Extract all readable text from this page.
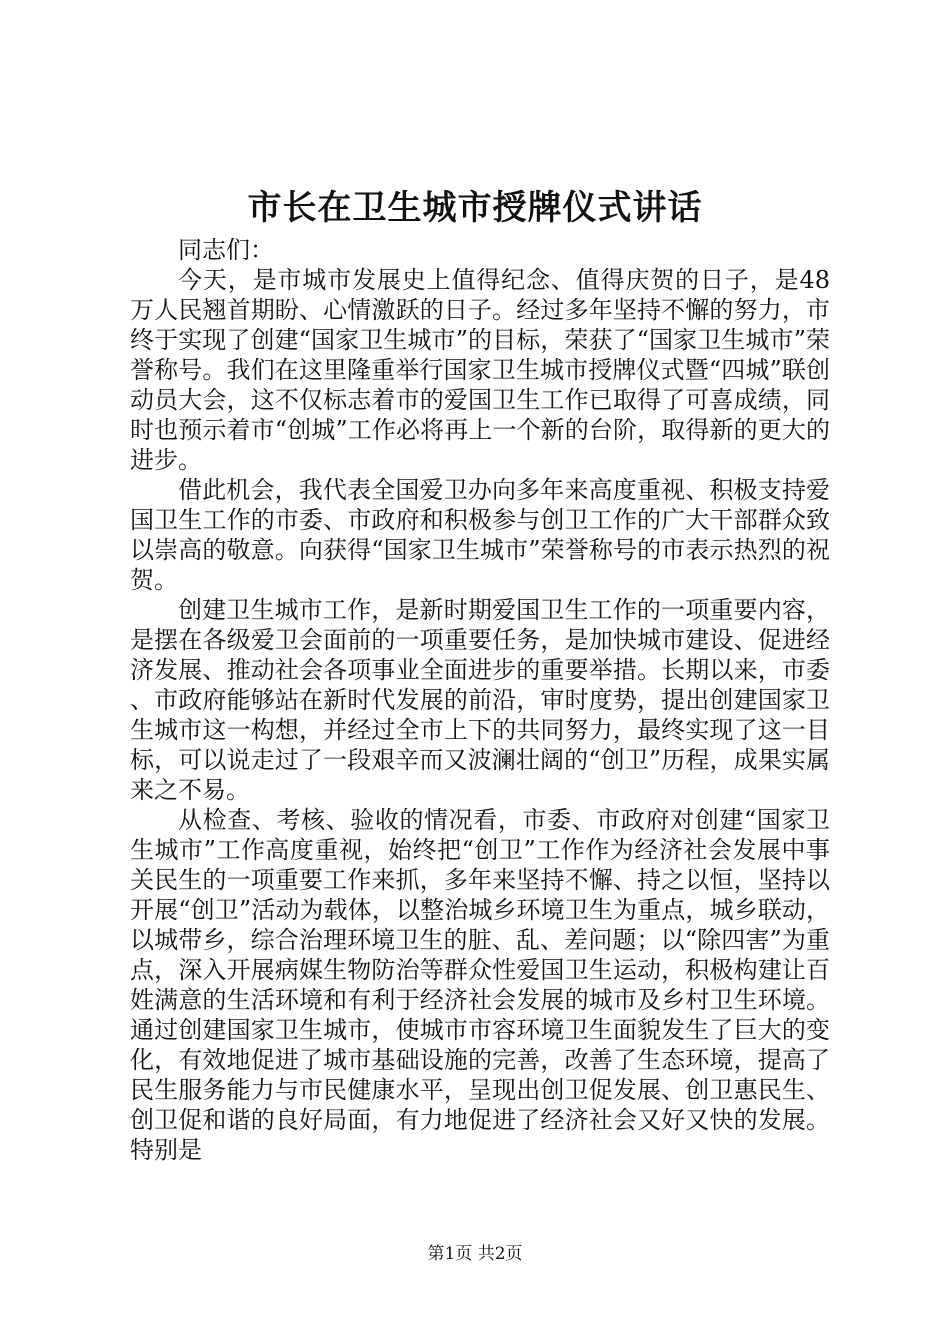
市长在卫生城市授牌仪式讲话

同志们：

今天，是市城市发展史上值得纪念、值得庆贺的日子，是48万人民翘首期盼、心情激跃的日子。经过多年坚持不懈的努力，市终于实现了创建“国家卫生城市”的目标，荣获了“国家卫生城市”荣誉称号。我们在这里隆重举行国家卫生城市授牌仪式暨“四城”联创动员大会，这不仅标志着市的爱国卫生工作已取得了可喜成绩，同时也预示着市“创城”工作必将再上一个新的台阶，取得新的更大的进步。

借此机会，我代表全国爱卫办向多年来高度重视、积极支持爱国卫生工作的市委、市政府和积极参与创卫工作的广大干部群众致以崇高的敬意。向获得“国家卫生城市”荣誉称号的市表示热烈的祝贺。

创建卫生城市工作，是新时期爱国卫生工作的一项重要内容，是摆在各级爱卫会面前的一项重要任务，是加快城市建设、促进经济发展、推动社会各项事业全面进步的重要举措。长期以来，市委、市政府能够站在新时代发展的前沿，审时度势，提出创建国家卫生城市这一构想，并经过全市上下的共同努力，最终实现了这一目标，可以说走过了一段艰辛而又波澜壮阔的“创卫”历程，成果实属来之不易。

从检查、考核、验收的情况看，市委、市政府对创建“国家卫生城市”工作高度重视，始终把“创卫”工作作为经济社会发展中事关民生的一项重要工作来抓，多年来坚持不懈、持之以恒，坚持以开展“创卫”活动为载体，以整治城乡环境卫生为重点，城乡联动，以城带乡，综合治理环境卫生的脏、乱、差问题；以“除四害”为重点，深入开展病媒生物防治等群众性爱国卫生运动，积极构建让百姓满意的生活环境和有利于经济社会发展的城市及乡村卫生环境。通过创建国家卫生城市，使城市市容环境卫生面貌发生了巨大的变化，有效地促进了城市基础设施的完善，改善了生态环境，提高了民生服务能力与市民健康水平，呈现出创卫促发展、创卫惠民生、创卫促和谐的良好局面，有力地促进了经济社会又好又快的发展。特别是

第1页 共2页
